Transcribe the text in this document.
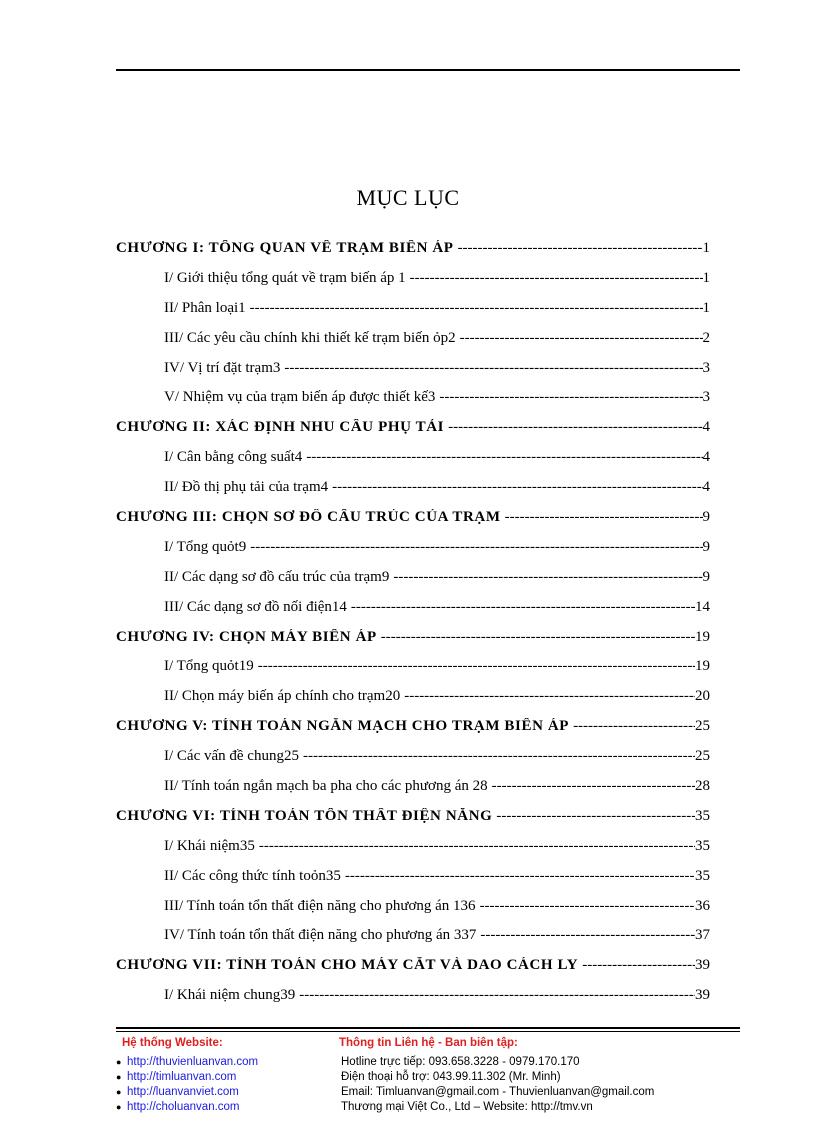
MỤC LỤC
CHƯƠNG I: TỔNG QUAN VỀ TRẠM BIẾN ÁP -----	1
I/ Giới thiệu tổng quát về trạm biến áp 1 -----	1
II/ Phân loại1 -----	1
III/ Các yêu cầu chính khi thiết kế trạm biến ỏp2 -----	2
IV/ Vị trí đặt trạm3 -----	3
V/ Nhiệm vụ của trạm biến áp được thiết kế3 -----	3
CHƯƠNG II: XÁC ĐỊNH NHU CẦU PHỤ TẢI -----	4
I/ Cân bằng công suất4 -----	4
II/ Đồ thị phụ tải của trạm4 -----	4
CHƯƠNG III: CHỌN SƠ ĐỒ CẤU TRÚC CỦA TRẠM -----	9
I/ Tổng quỏt9 -----	9
II/ Các dạng sơ đồ cấu trúc của trạm9 -----	9
III/ Các dạng sơ đồ nối điện14 -----	14
CHƯƠNG IV: CHỌN MÁY BIẾN ÁP -----	19
I/ Tổng quỏt19 -----	19
II/ Chọn máy biến áp chính cho trạm20 -----	20
CHƯƠNG V: TÍNH TOÁN NGẮN MẠCH CHO TRẠM BIẾN ÁP -----	25
I/ Các vấn đề chung25 -----	25
II/ Tính toán ngắn mạch ba pha cho các phương án 28 -----	28
CHƯƠNG VI: TÍNH TOÁN TỔN THẤT ĐIỆN NĂNG -----	35
I/ Khái niệm35 -----	35
II/ Các công thức tính toỏn35 -----	35
III/ Tính toán tổn thất điện năng cho phương án 136 -----	36
IV/ Tính toán tổn thất điện năng cho phương án 337 -----	37
CHƯƠNG VII: TÍNH TOÁN CHO MÁY CẮT VÀ DAO CÁCH LY -----	39
I/ Khái niệm chung39 -----	39
Hệ thống Website:	Thông tin Liên hệ - Ban biên tập:
● http://thuvienluanvan.com
● http://timluanvan.com
● http://luanvanviet.com
● http://choluanvan.com
Hotline trực tiếp: 093.658.3228 - 0979.170.170
Điện thoại hỗ trợ: 043.99.11.302 (Mr. Minh)
Email: Timluanvan@gmail.com - Thuvienluanvan@gmail.com
Thương mại Việt Co., Ltd – Website: http://tmv.vn
